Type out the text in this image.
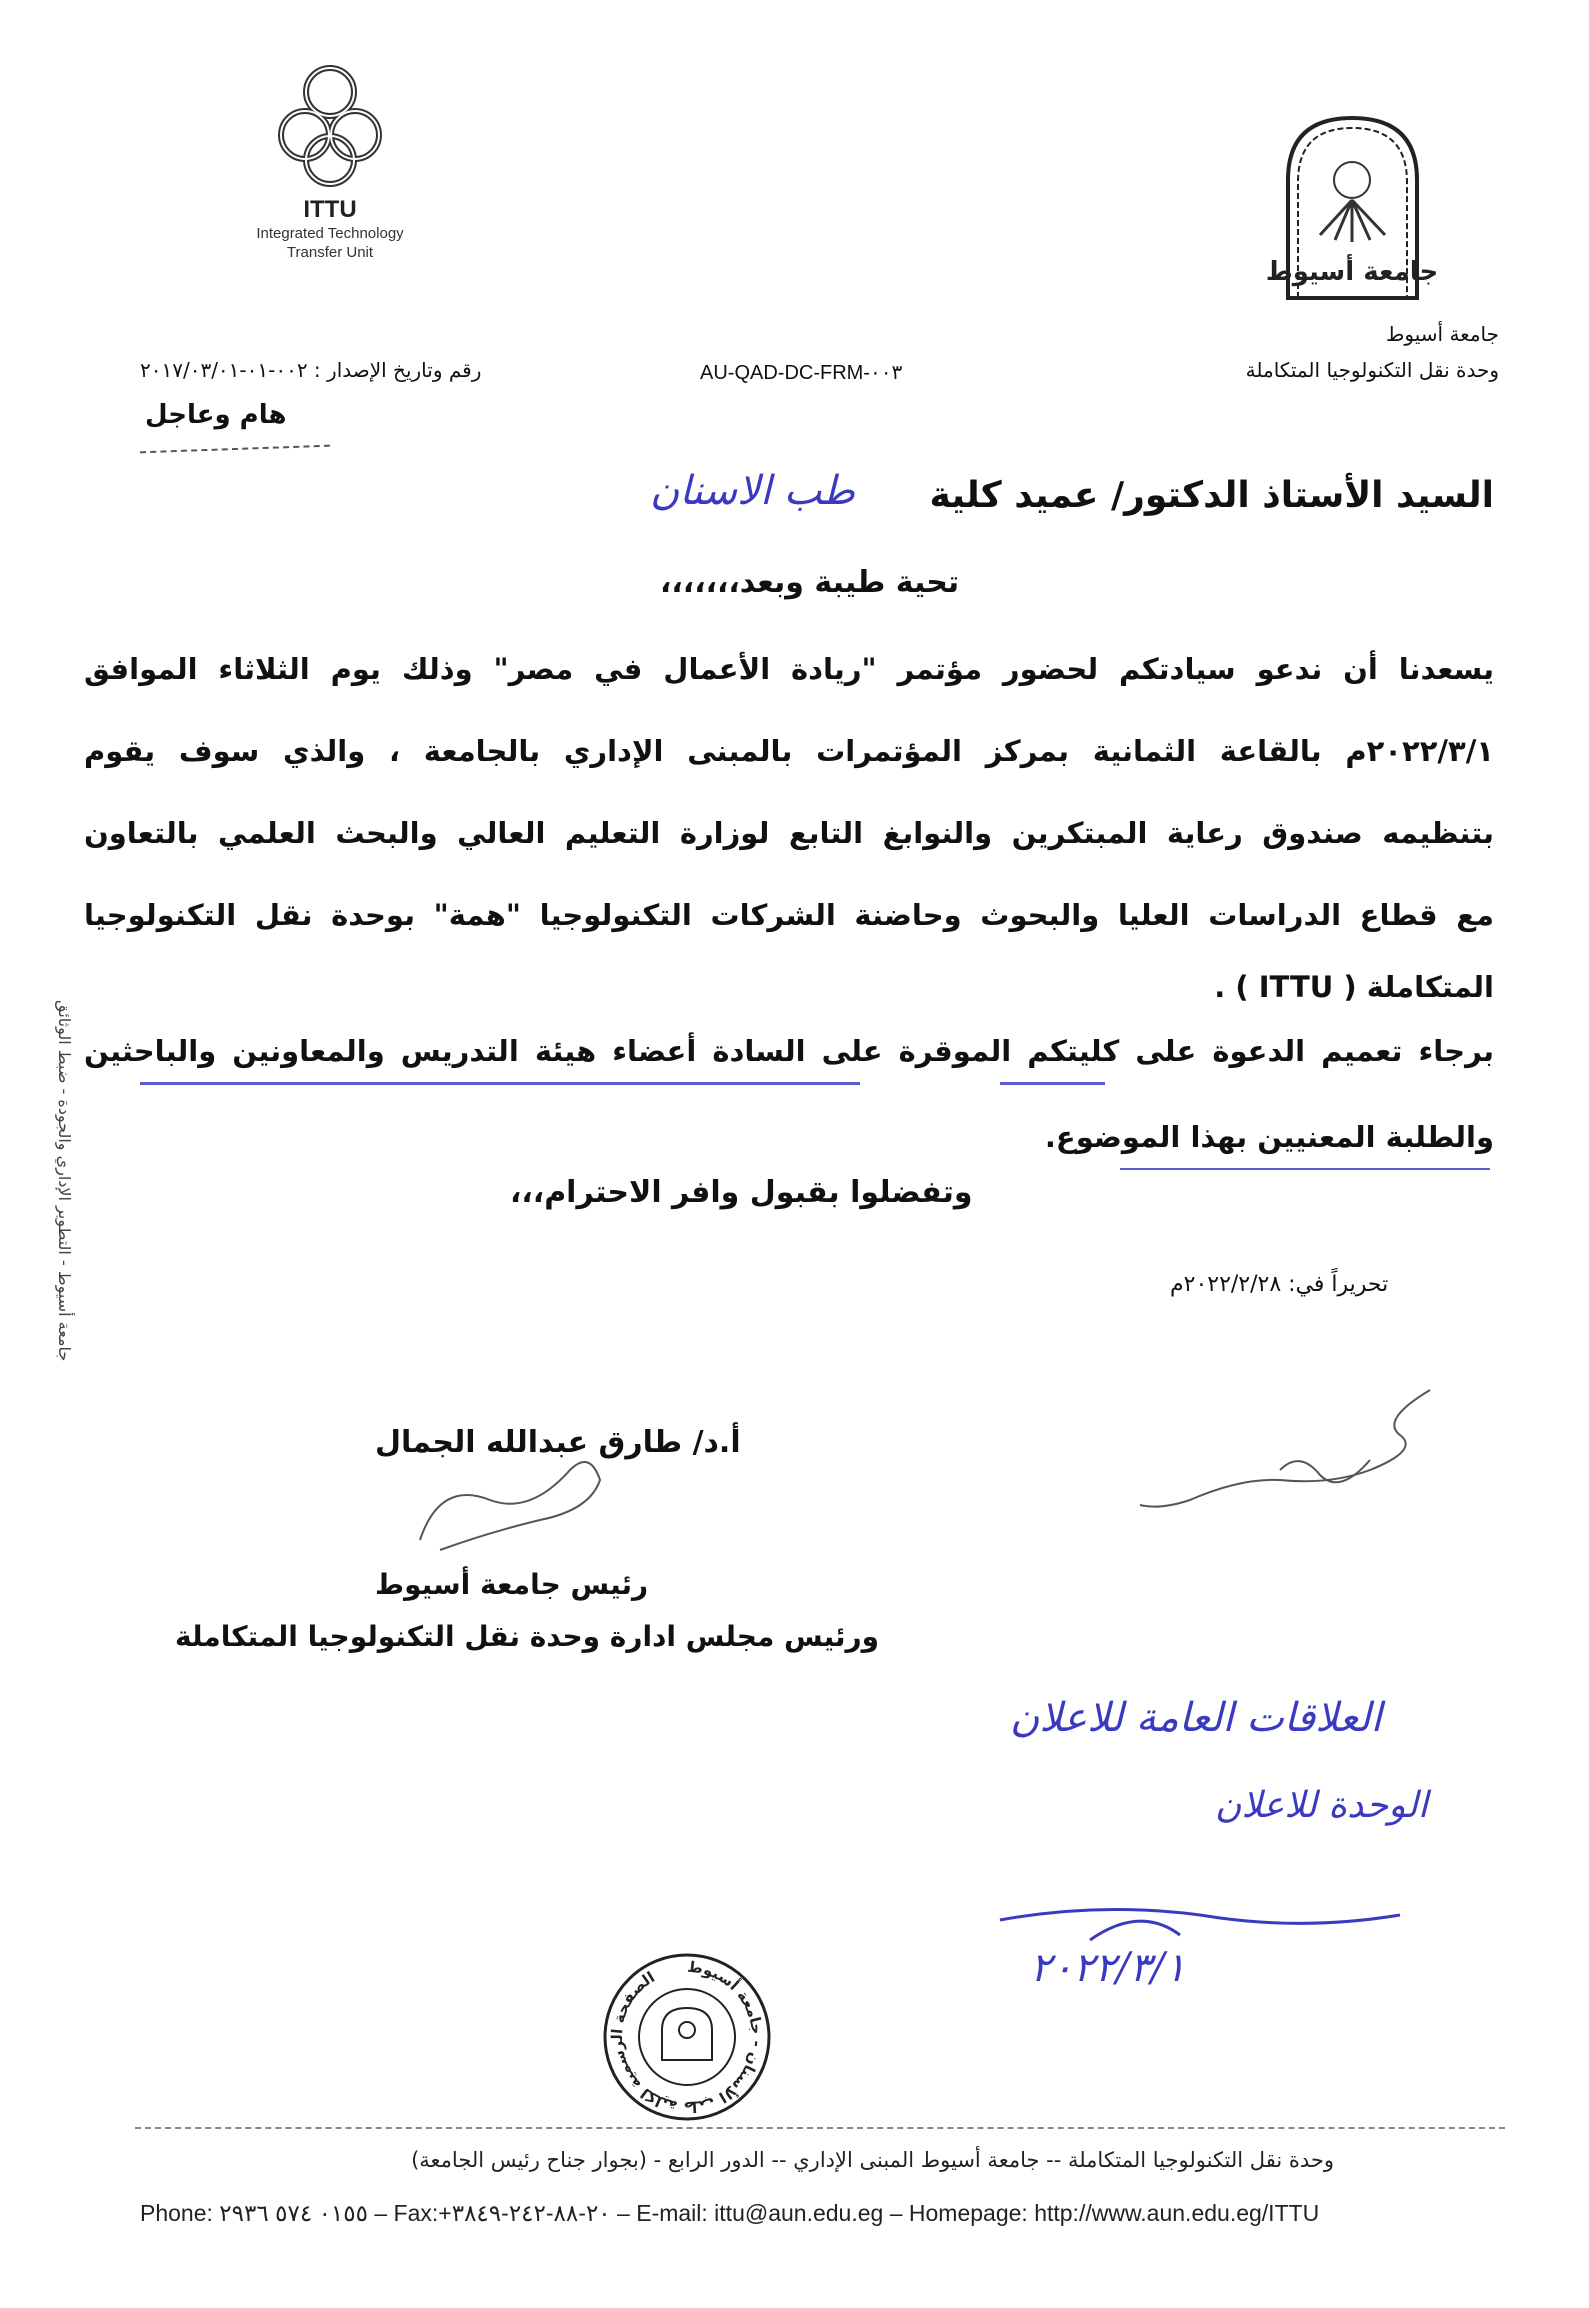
ITTU
Integrated Technology
Transfer Unit
جامعة أسيوط
جامعة أسيوط
وحدة نقل التكنولوجيا المتكاملة
AU-QAD-DC-FRM-٠٠٣
رقم وتاريخ الإصدار : ٠٠٢-٠١-٢٠١٧/٠٣/٠١
هام وعاجل
السيد الأستاذ الدكتور/ عميد كلية
طب الاسنان
تحية طيبة وبعد،،،،،،،
يسعدنا أن ندعو سيادتكم لحضور مؤتمر "ريادة الأعمال في مصر" وذلك يوم الثلاثاء الموافق
٢٠٢٢/٣/١م بالقاعة الثمانية بمركز المؤتمرات بالمبنى الإداري بالجامعة ، والذي سوف يقوم
بتنظيمه صندوق رعاية المبتكرين والنوابغ التابع لوزارة التعليم العالي والبحث العلمي بالتعاون
مع قطاع الدراسات العليا والبحوث وحاضنة الشركات التكنولوجيا "همة" بوحدة نقل التكنولوجيا
المتكاملة ( ITTU ) .
برجاء تعميم الدعوة على كليتكم الموقرة على السادة أعضاء هيئة التدريس والمعاونين والباحثين
والطلبة المعنيين بهذا الموضوع.
وتفضلوا بقبول وافر الاحترام،،،
تحريراً في: ٢٠٢٢/٢/٢٨م
أ.د/ طارق عبدالله الجمال
رئيس جامعة أسيوط
ورئيس مجلس ادارة وحدة نقل التكنولوجيا المتكاملة
جامعة أسيوط - التطوير الإداري والجودة - ضبط الوثائق
العلاقات العامة للاعلان
الوحدة للاعلان
٢٠٢٢/٣/١
الصفحة الرسمية لكلية طب الأسنان - جامعة أسيوط
وحدة نقل التكنولوجيا المتكاملة -- جامعة أسيوط المبنى الإداري -- الدور الرابع - (بجوار جناح رئيس الجامعة)
Phone: ٠١٥٥ ٥٧٤ ٢٩٣٦ – Fax:+٢٠-٨٨-٢٤٢-٣٨٤٩ – E-mail: ittu@aun.edu.eg – Homepage: http://www.aun.edu.eg/ITTU
